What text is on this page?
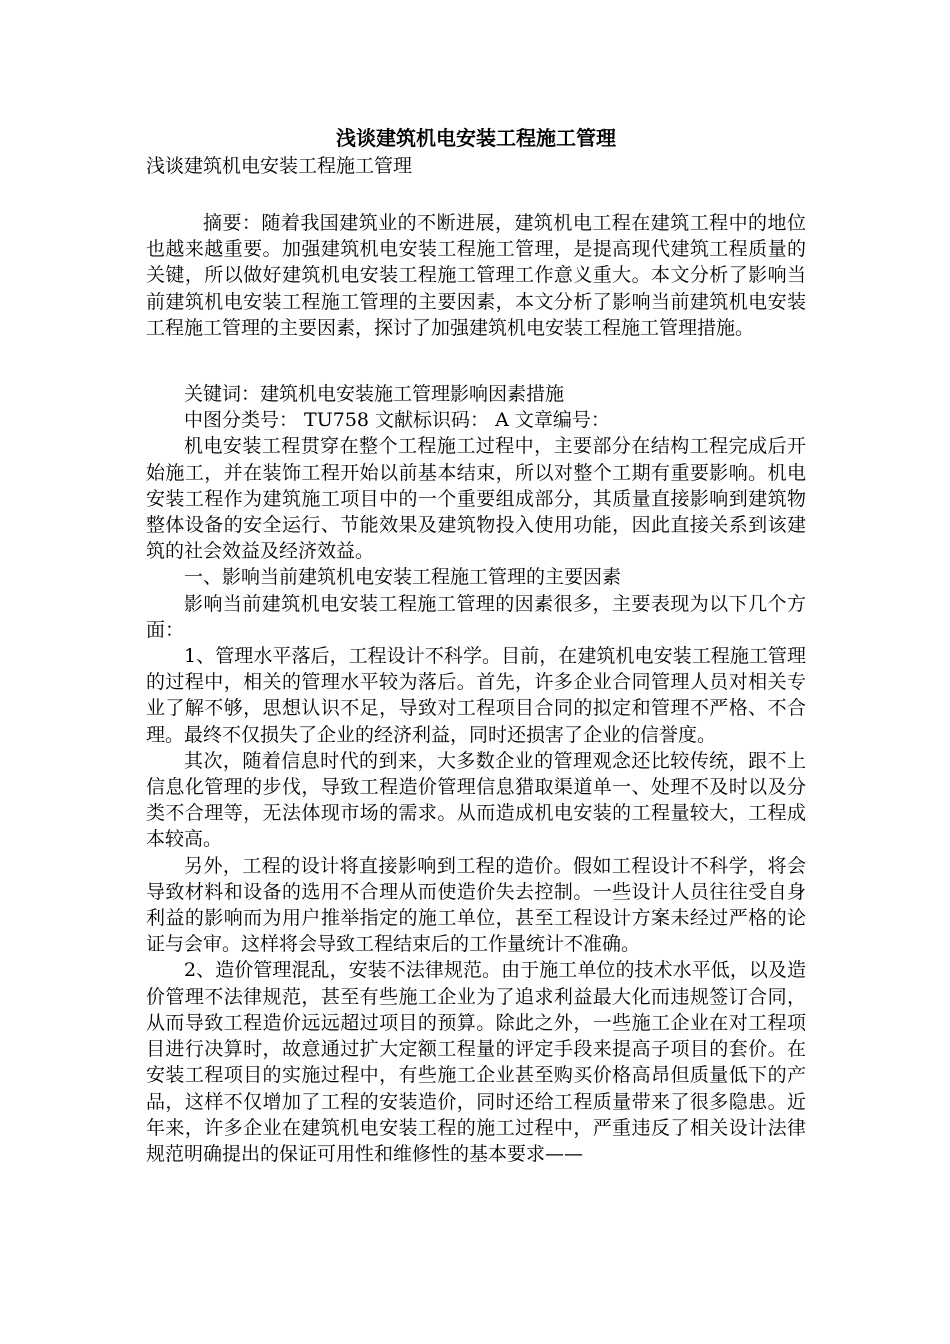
浅谈建筑机电安装工程施工管理
浅谈建筑机电安装工程施工管理

摘要：随着我国建筑业的不断进展，建筑机电工程在建筑工程中的地位也越来越重要。加强建筑机电安装工程施工管理，是提高现代建筑工程质量的关键，所以做好建筑机电安装工程施工管理工作意义重大。本文分析了影响当前建筑机电安装工程施工管理的主要因素，本文分析了影响当前建筑机电安装工程施工管理的主要因素，探讨了加强建筑机电安装工程施工管理措施。

关键词：建筑机电安装施工管理影响因素措施

中图分类号： TU758 文献标识码： A 文章编号：

机电安装工程贯穿在整个工程施工过程中，主要部分在结构工程完成后开始施工，并在装饰工程开始以前基本结束，所以对整个工期有重要影响。机电安装工程作为建筑施工项目中的一个重要组成部分，其质量直接影响到建筑物整体设备的安全运行、节能效果及建筑物投入使用功能，因此直接关系到该建筑的社会效益及经济效益。

一、影响当前建筑机电安装工程施工管理的主要因素

影响当前建筑机电安装工程施工管理的因素很多，主要表现为以下几个方面：

1、管理水平落后，工程设计不科学。目前，在建筑机电安装工程施工管理的过程中，相关的管理水平较为落后。首先，许多企业合同管理人员对相关专业了解不够，思想认识不足，导致对工程项目合同的拟定和管理不严格、不合理。最终不仅损失了企业的经济利益，同时还损害了企业的信誉度。

其次，随着信息时代的到来，大多数企业的管理观念还比较传统，跟不上信息化管理的步伐，导致工程造价管理信息猎取渠道单一、处理不及时以及分类不合理等，无法体现市场的需求。从而造成机电安装的工程量较大，工程成本较高。

另外，工程的设计将直接影响到工程的造价。假如工程设计不科学，将会导致材料和设备的选用不合理从而使造价失去控制。一些设计人员往往受自身利益的影响而为用户推举指定的施工单位，甚至工程设计方案未经过严格的论证与会审。这样将会导致工程结束后的工作量统计不准确。

2、造价管理混乱，安装不法律规范。由于施工单位的技术水平低，以及造价管理不法律规范，甚至有些施工企业为了追求利益最大化而违规签订合同，从而导致工程造价远远超过项目的预算。除此之外，一些施工企业在对工程项目进行决算时，故意通过扩大定额工程量的评定手段来提高子项目的套价。在安装工程项目的实施过程中，有些施工企业甚至购买价格高昂但质量低下的产品，这样不仅增加了工程的安装造价，同时还给工程质量带来了很多隐患。近年来，许多企业在建筑机电安装工程的施工过程中，严重违反了相关设计法律规范明确提出的保证可用性和维修性的基本要求——
